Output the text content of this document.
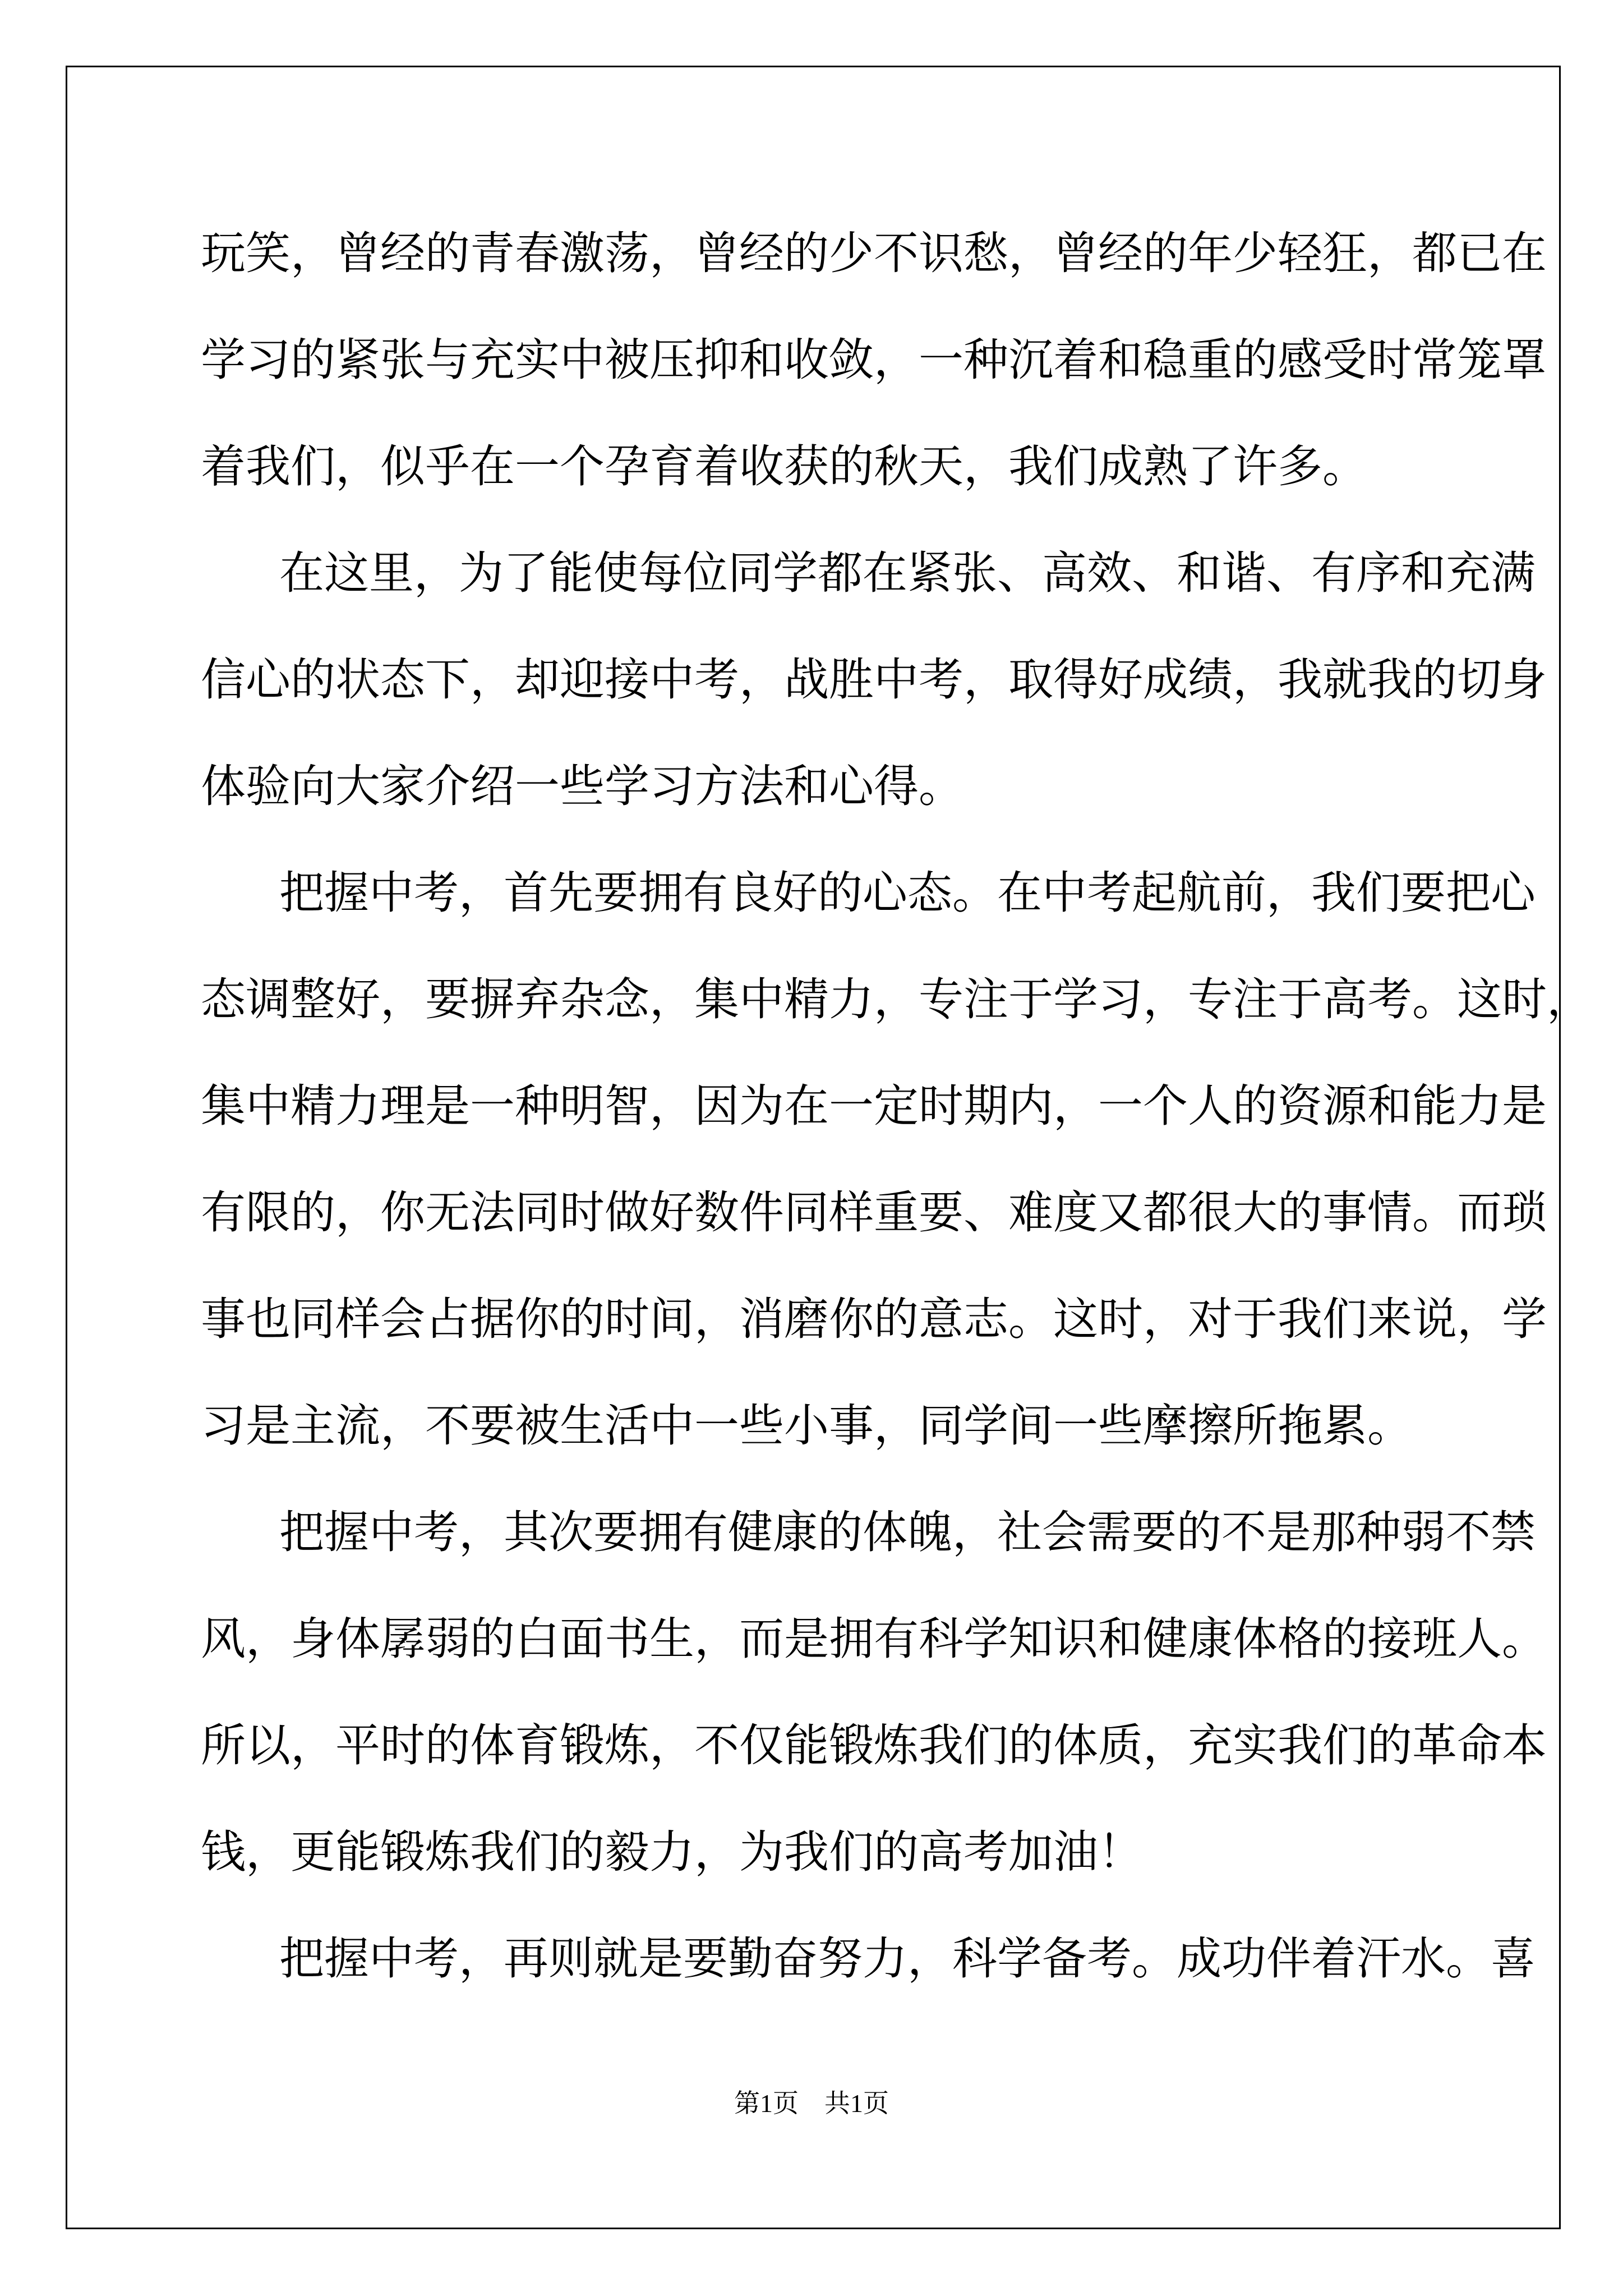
玩笑，曾经的青春激荡，曾经的少不识愁，曾经的年少轻狂，都已在
学习的紧张与充实中被压抑和收敛，一种沉着和稳重的感受时常笼罩
着我们，似乎在一个孕育着收获的秋天，我们成熟了许多。
在这里，为了能使每位同学都在紧张、高效、和谐、有序和充满
信心的状态下，却迎接中考，战胜中考，取得好成绩，我就我的切身
体验向大家介绍一些学习方法和心得。
把握中考，首先要拥有良好的心态。在中考起航前，我们要把心
态调整好，要摒弃杂念，集中精力，专注于学习，专注于高考。这时，
集中精力理是一种明智，因为在一定时期内，一个人的资源和能力是
有限的，你无法同时做好数件同样重要、难度又都很大的事情。而琐
事也同样会占据你的时间，消磨你的意志。这时，对于我们来说，学
习是主流，不要被生活中一些小事，同学间一些摩擦所拖累。
把握中考，其次要拥有健康的体魄，社会需要的不是那种弱不禁
风，身体孱弱的白面书生，而是拥有科学知识和健康体格的接班人。
所以，平时的体育锻炼，不仅能锻炼我们的体质，充实我们的革命本
钱，更能锻炼我们的毅力，为我们的高考加油！
把握中考，再则就是要勤奋努力，科学备考。成功伴着汗水。喜
第1页　共1页
